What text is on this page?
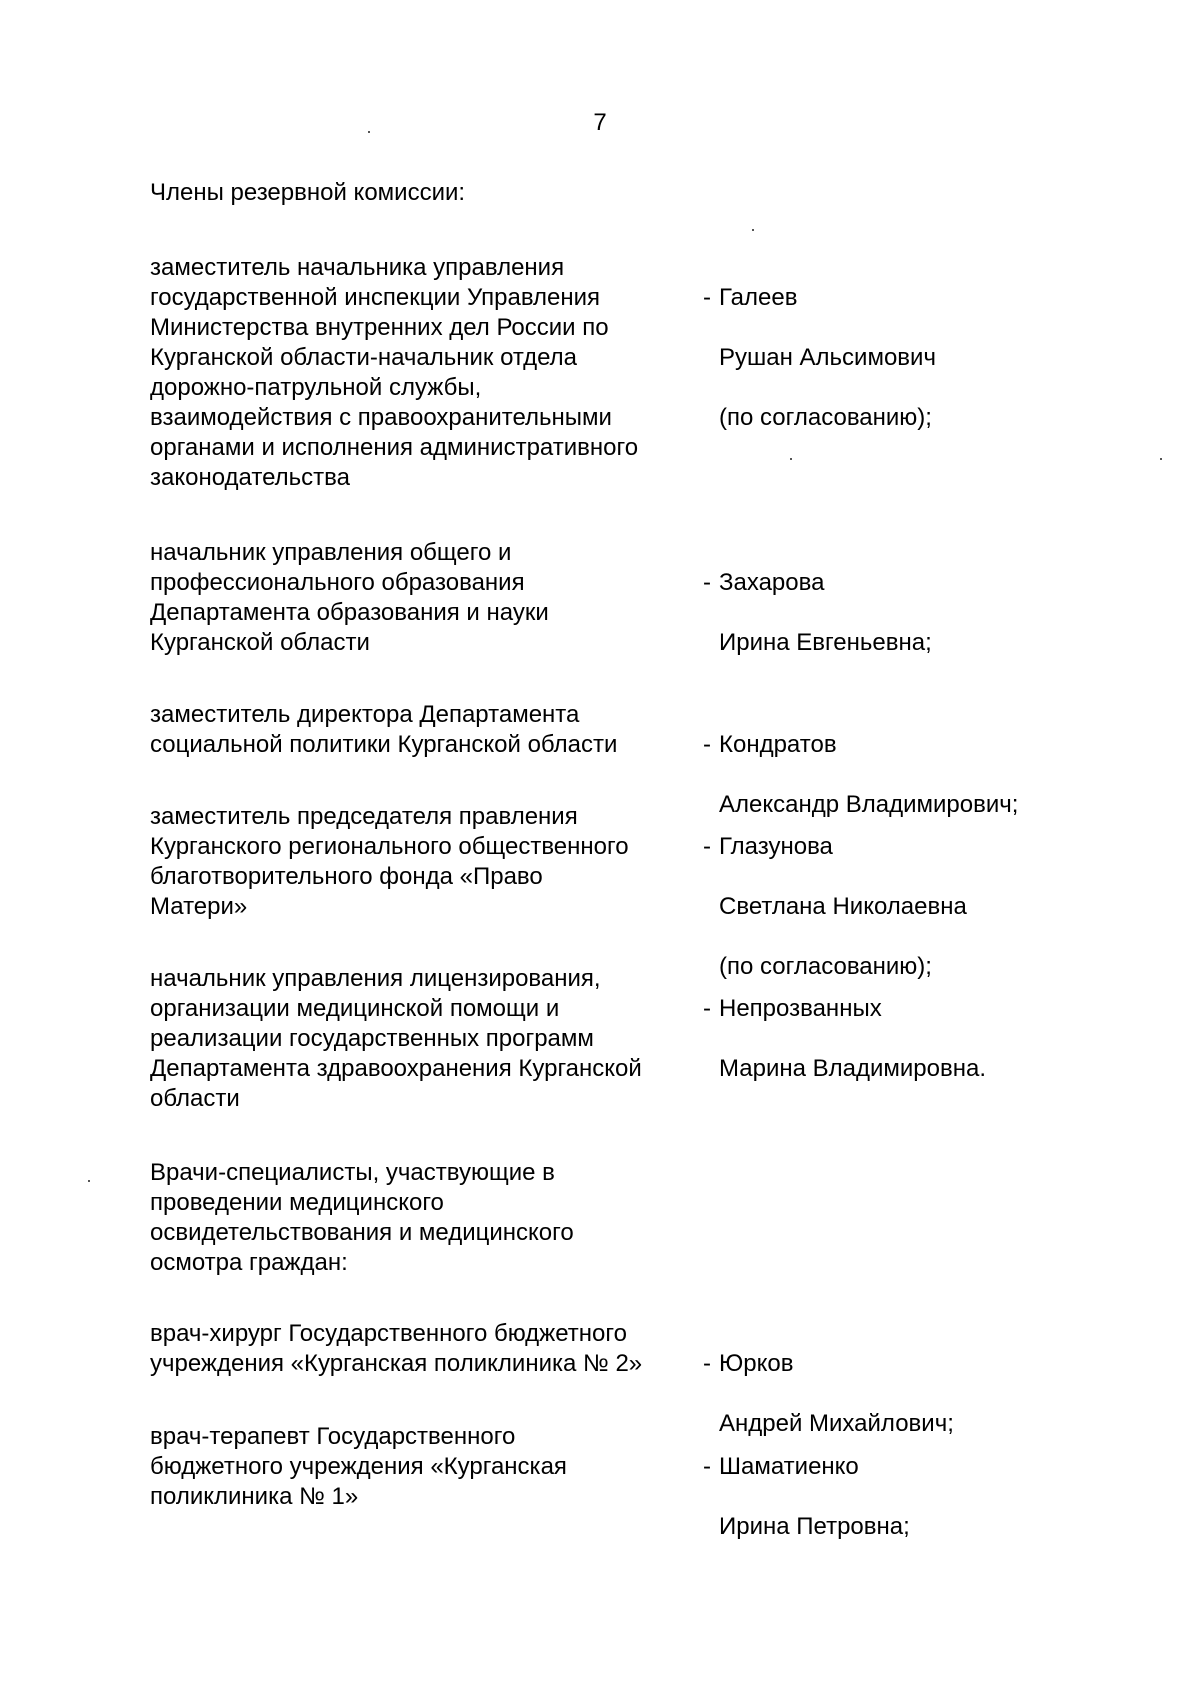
7
Члены резервной комиссии:
заместитель начальника управления
государственной инспекции Управления
Министерства внутренних дел России по
Курганской области-начальник отдела
дорожно-патрульной службы,
взаимодействия с правоохранительными
органами и исполнения административного
законодательства

- Галеев

Рушан Альсимович

(по согласованию);

начальник управления общего и
профессионального образования
Департамента образования и науки
Курганской области

- Захарова

Ирина Евгеньевна;

заместитель директора Департамента
социальной политики Курганской области	- Кондратов

Александр Владимирович;

заместитель председателя правления
Курганского регионального общественного
благотворительного фонда «Право
Матери»

- Глазунова

Светлана Николаевна

(по согласованию);

начальник управления лицензирования,
организации медицинской помощи и
реализации государственных программ
Департамента здравоохранения Курганской
области

- Непрозванных

Марина Владимировна.

Врачи-специалисты, участвующие в
проведении медицинского
освидетельствования и медицинского
осмотра граждан:
врач-хирург Государственного бюджетного
учреждения «Курганская поликлиника № 2»	- Юрков

Андрей Михайлович;

врач-терапевт Государственного
бюджетного учреждения «Курганская
поликлиника № 1»

- Шаматиенко

Ирина Петровна;
